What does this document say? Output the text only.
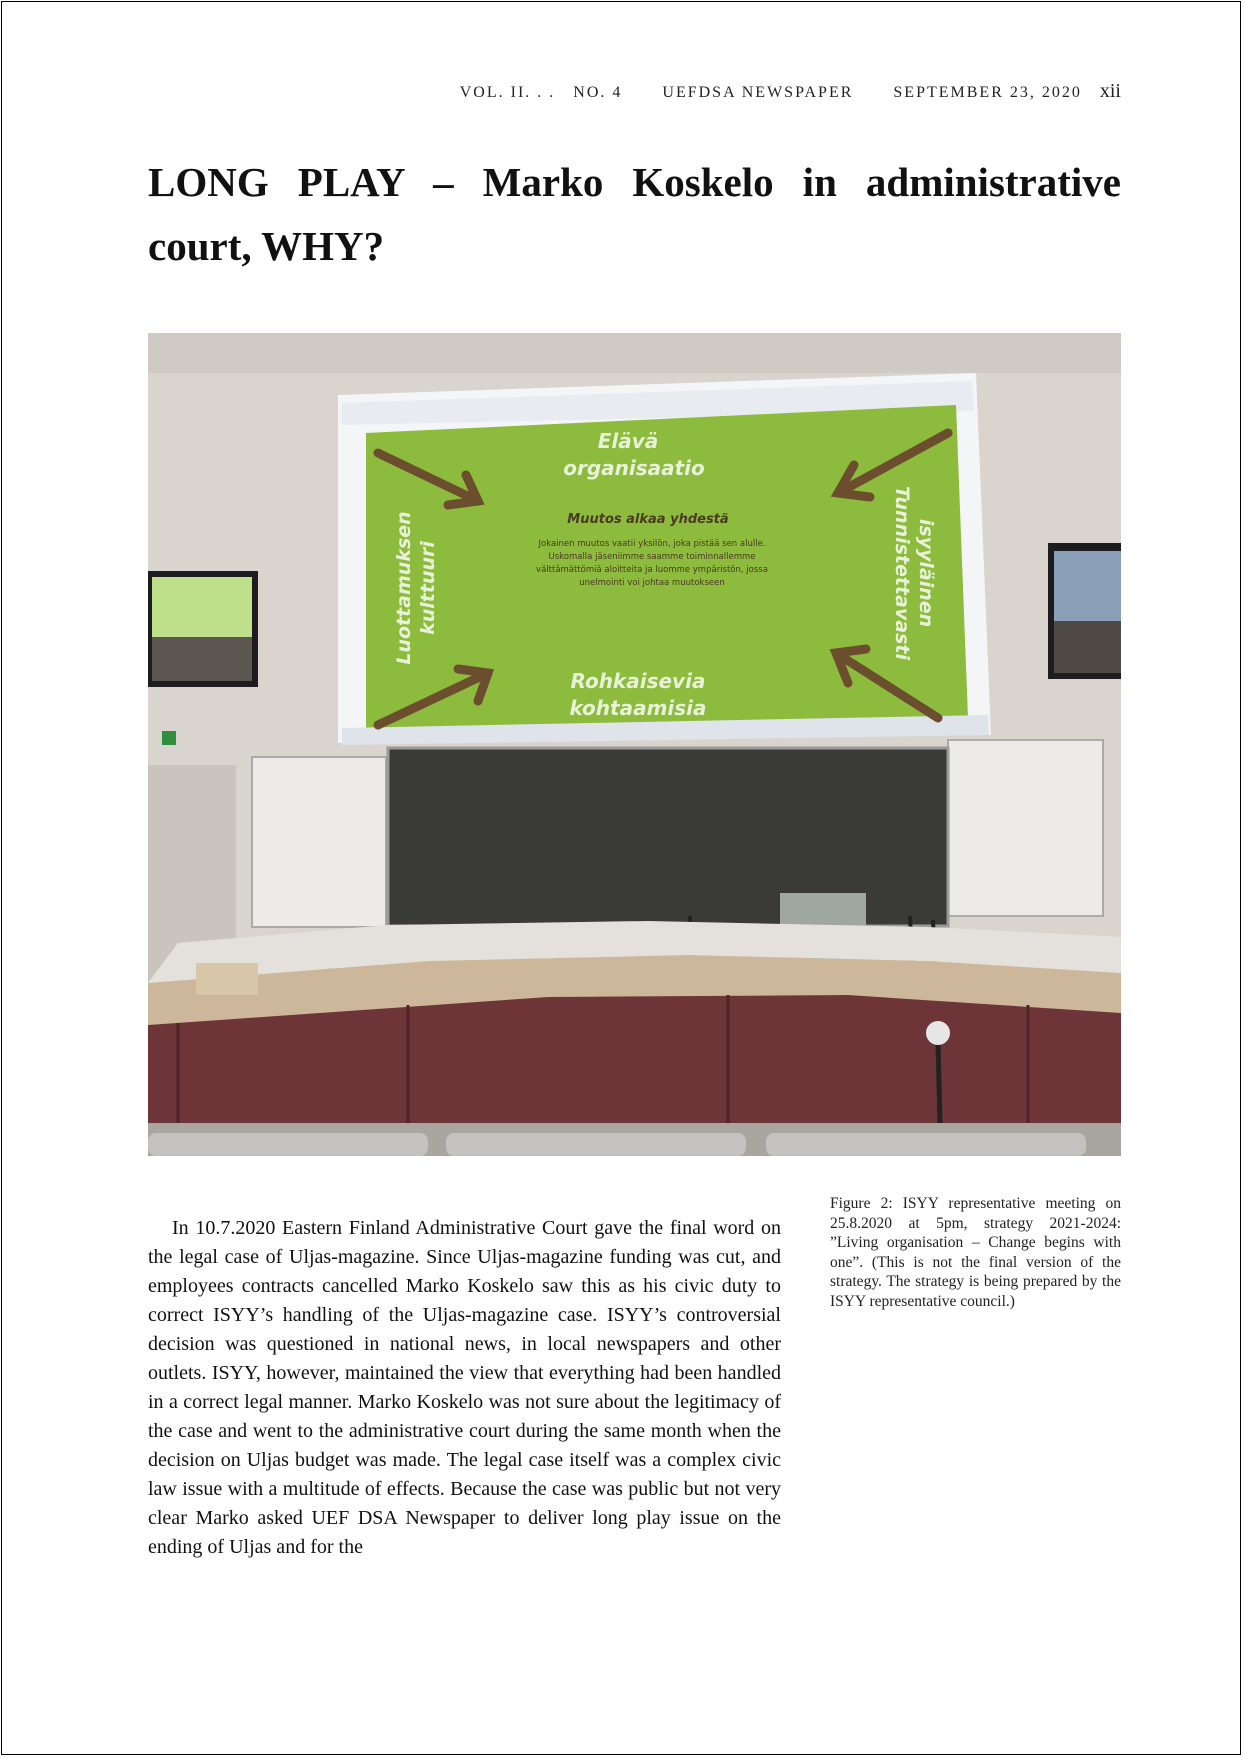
VOL. II. . . NO. 4	UEFDSA NEWSPAPER	SEPTEMBER 23, 2020 xii
LONG PLAY – Marko Koskelo in administrative court, WHY?
Elävä
organisaatio
Rohkaisevia
kohtaamisia
Luottamuksen kulttuuri	Tunnistettavasti isyyläinen
Muutos alkaa yhdestä
Jokainen muutos vaatii yksilön, joka pistää sen alulle.
Uskomalla jäseniimme saamme toiminnallemme
välttämättömiä aloitteita ja luomme ympäristön, jossa
unelmointi voi johtaa muutokseen
Figure 2: ISYY representative meeting on 25.8.2020 at 5pm, strategy 2021-2024: ”Living organisation – Change begins with one”. (This is not the final version of the strategy. The strategy is being prepared by the ISYY representative council.)

In 10.7.2020 Eastern Finland Administrative Court gave the final word on the legal case of Uljas-magazine. Since Uljas-magazine funding was cut, and employees contracts cancelled Marko Koskelo saw this as his civic duty to correct ISYY’s handling of the Uljas-magazine case. ISYY’s controversial decision was questioned in national news, in local newspapers and other outlets. ISYY, however, maintained the view that everything had been handled in a correct legal manner. Marko Koskelo was not sure about the legitimacy of the case and went to the administrative court during the same month when the decision on Uljas budget was made. The legal case itself was a complex civic law issue with a multitude of effects. Because the case was public but not very clear Marko asked UEF DSA Newspaper to deliver long play issue on the ending of Uljas and for the
